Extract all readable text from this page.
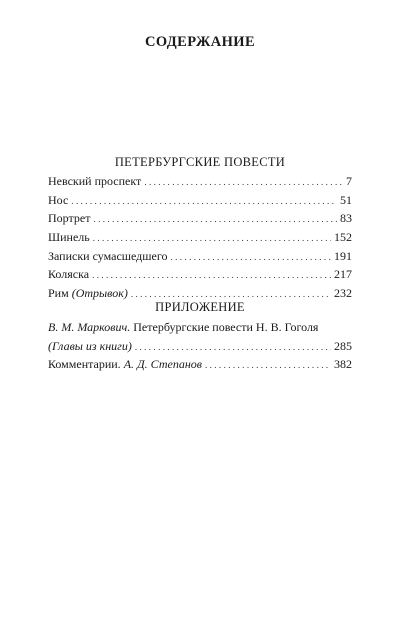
СОДЕРЖАНИЕ
ПЕТЕРБУРГСКИЕ ПОВЕСТИ
Невский проспект .....	7
Нос .....	51
Портрет .....	83
Шинель .....	152
Записки сумасшедшего .....	191
Коляска .....	217
Рим (Отрывок) .....	232
ПРИЛОЖЕНИЕ
В. М. Маркович. Петербургские повести Н. В. Гоголя
(Главы из книги) .....	285
Комментарии. А. Д. Степанов .....	382
